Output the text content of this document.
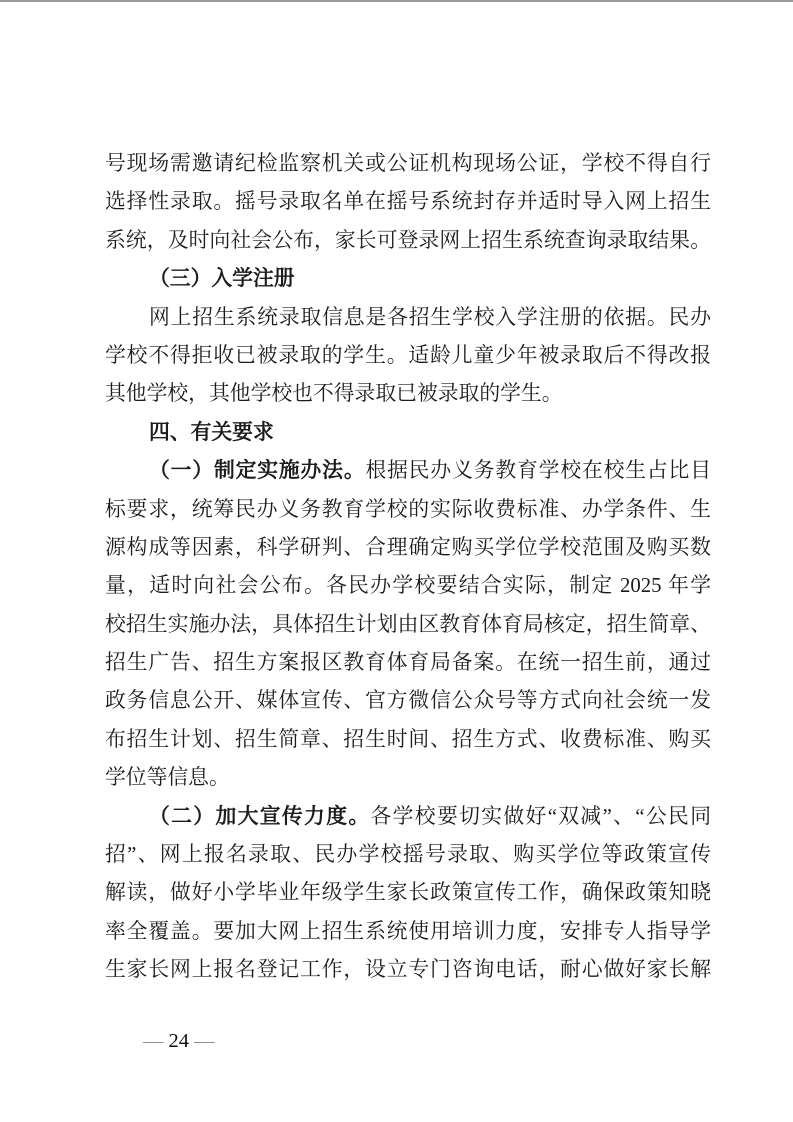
号现场需邀请纪检监察机关或公证机构现场公证，学校不得自行
选择性录取。摇号录取名单在摇号系统封存并适时导入网上招生
系统，及时向社会公布，家长可登录网上招生系统查询录取结果。
（三）入学注册
网上招生系统录取信息是各招生学校入学注册的依据。民办
学校不得拒收已被录取的学生。适龄儿童少年被录取后不得改报
其他学校，其他学校也不得录取已被录取的学生。
四、有关要求
（一）制定实施办法。根据民办义务教育学校在校生占比目
标要求，统筹民办义务教育学校的实际收费标准、办学条件、生
源构成等因素，科学研判、合理确定购买学位学校范围及购买数
量，适时向社会公布。各民办学校要结合实际，制定 2025 年学
校招生实施办法，具体招生计划由区教育体育局核定，招生简章、
招生广告、招生方案报区教育体育局备案。在统一招生前，通过
政务信息公开、媒体宣传、官方微信公众号等方式向社会统一发
布招生计划、招生简章、招生时间、招生方式、收费标准、购买
学位等信息。
（二）加大宣传力度。各学校要切实做好“双减”、“公民同
招”、网上报名录取、民办学校摇号录取、购买学位等政策宣传
解读，做好小学毕业年级学生家长政策宣传工作，确保政策知晓
率全覆盖。要加大网上招生系统使用培训力度，安排专人指导学
生家长网上报名登记工作，设立专门咨询电话，耐心做好家长解
— 24 —
